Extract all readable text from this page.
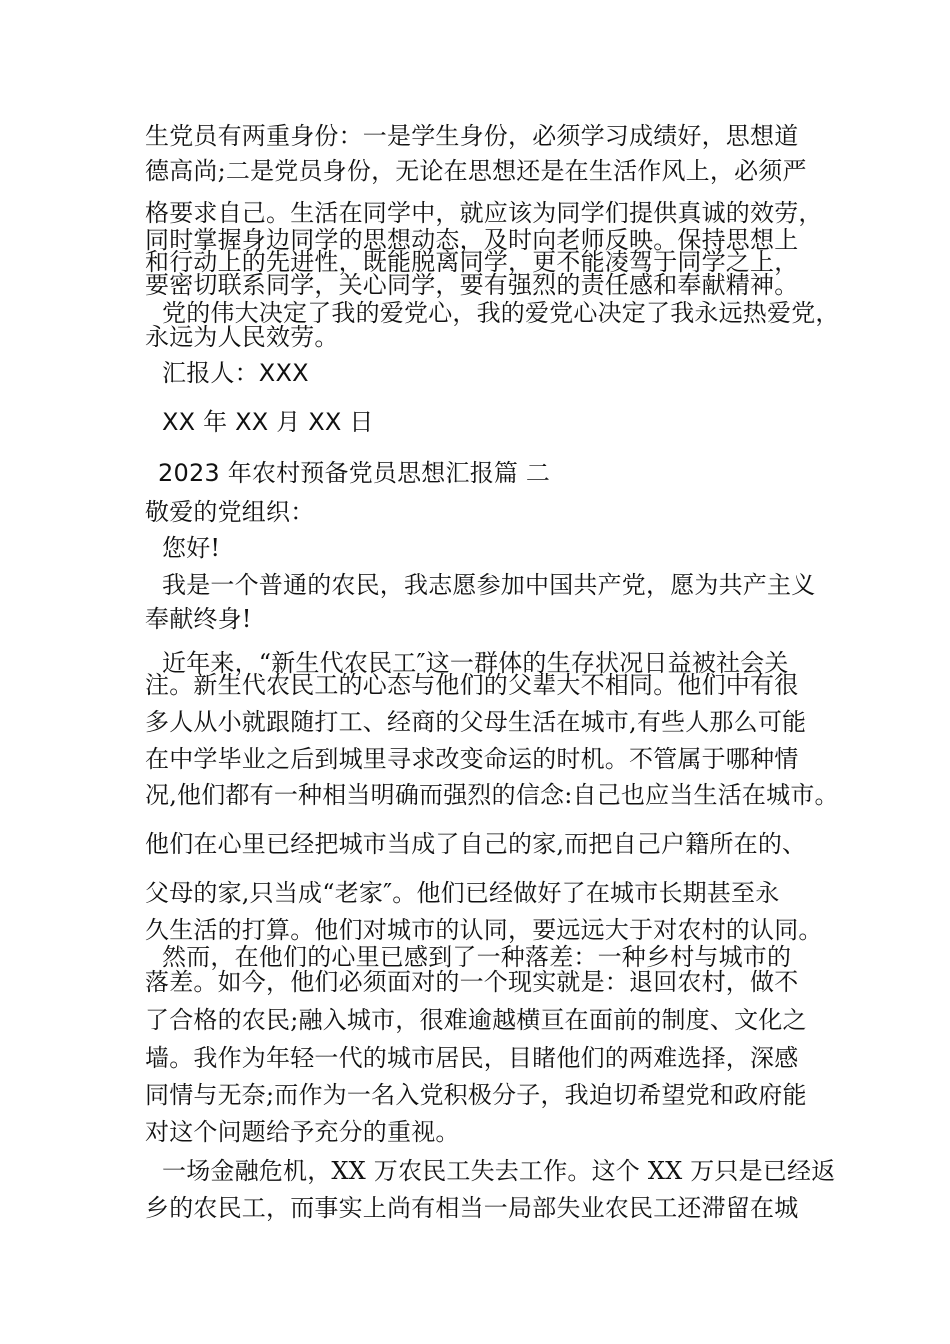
生党员有两重身份：一是学生身份，必须学习成绩好，思想道
德高尚;二是党员身份，无论在思想还是在生活作风上，必须严
格要求自己。生活在同学中，就应该为同学们提供真诚的效劳，
同时掌握身边同学的思想动态，及时向老师反映。保持思想上
和行动上的先进性，既能脱离同学，更不能凌驾于同学之上，
要密切联系同学，关心同学，要有强烈的责任感和奉献精神。
党的伟大决定了我的爱党心，我的爱党心决定了我永远热爱党，
永远为人民效劳。
汇报人：XXX
XX 年 XX 月 XX 日
2023 年农村预备党员思想汇报篇 二
敬爱的党组织：
您好!
我是一个普通的农民，我志愿参加中国共产党，愿为共产主义
奉献终身!
近年来，“新生代农民工″这一群体的生存状况日益被社会关
注。新生代农民工的心态与他们的父辈大不相同。他们中有很
多人从小就跟随打工、经商的父母生活在城市,有些人那么可能
在中学毕业之后到城里寻求改变命运的时机。不管属于哪种情
况,他们都有一种相当明确而强烈的信念:自己也应当生活在城市。
他们在心里已经把城市当成了自己的家,而把自己户籍所在的、
父母的家,只当成“老家″。他们已经做好了在城市长期甚至永
久生活的打算。他们对城市的认同，要远远大于对农村的认同。
然而，在他们的心里已感到了一种落差：一种乡村与城市的
落差。如今，他们必须面对的一个现实就是：退回农村，做不
了合格的农民;融入城市，很难逾越横亘在面前的制度、文化之
墙。我作为年轻一代的城市居民，目睹他们的两难选择，深感
同情与无奈;而作为一名入党积极分子，我迫切希望党和政府能
对这个问题给予充分的重视。
一场金融危机，XX 万农民工失去工作。这个 XX 万只是已经返
乡的农民工，而事实上尚有相当一局部失业农民工还滞留在城
